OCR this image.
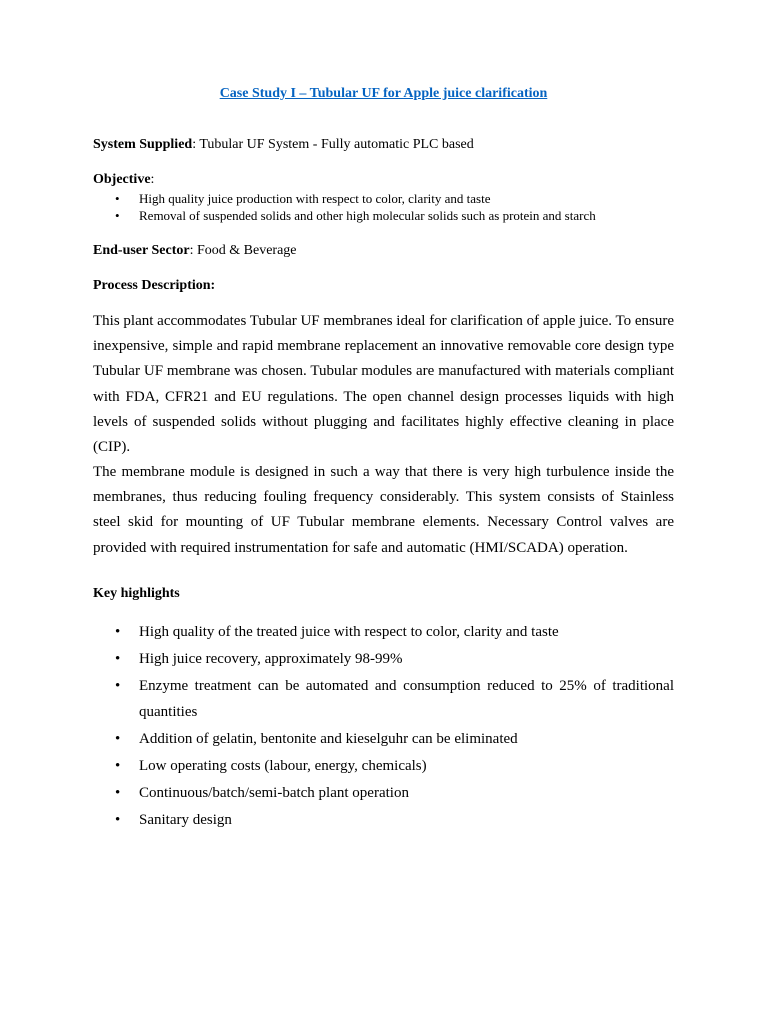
Case Study I – Tubular UF for Apple juice clarification
System Supplied: Tubular UF System - Fully automatic PLC based
Objective:
• High quality juice production with respect to color, clarity and taste
• Removal of suspended solids and other high molecular solids such as protein and starch
End-user Sector: Food & Beverage
Process Description:

This plant accommodates Tubular UF membranes ideal for clarification of apple juice. To ensure inexpensive, simple and rapid membrane replacement an innovative removable core design type Tubular UF membrane was chosen. Tubular modules are manufactured with materials compliant with FDA, CFR21 and EU regulations. The open channel design processes liquids with high levels of suspended solids without plugging and facilitates highly effective cleaning in place (CIP).

The membrane module is designed in such a way that there is very high turbulence inside the membranes, thus reducing fouling frequency considerably. This system consists of Stainless steel skid for mounting of UF Tubular membrane elements. Necessary Control valves are provided with required instrumentation for safe and automatic (HMI/SCADA) operation.

Key highlights
• High quality of the treated juice with respect to color, clarity and taste
• High juice recovery, approximately 98-99%
• Enzyme treatment can be automated and consumption reduced to 25% of traditional quantities
• Addition of gelatin, bentonite and kieselguhr can be eliminated
• Low operating costs (labour, energy, chemicals)
• Continuous/batch/semi-batch plant operation
• Sanitary design
